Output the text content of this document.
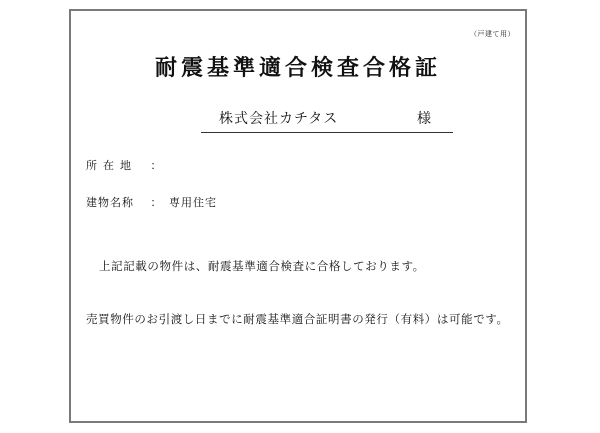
（戸建て用）
耐震基準適合検査合格証
株式会社カチタス	様
所在地 ：
建物名称 ： 専用住宅
上記記載の物件は、耐震基準適合検査に合格しております。
売買物件のお引渡し日までに耐震基準適合証明書の発行（有料）は可能です。
